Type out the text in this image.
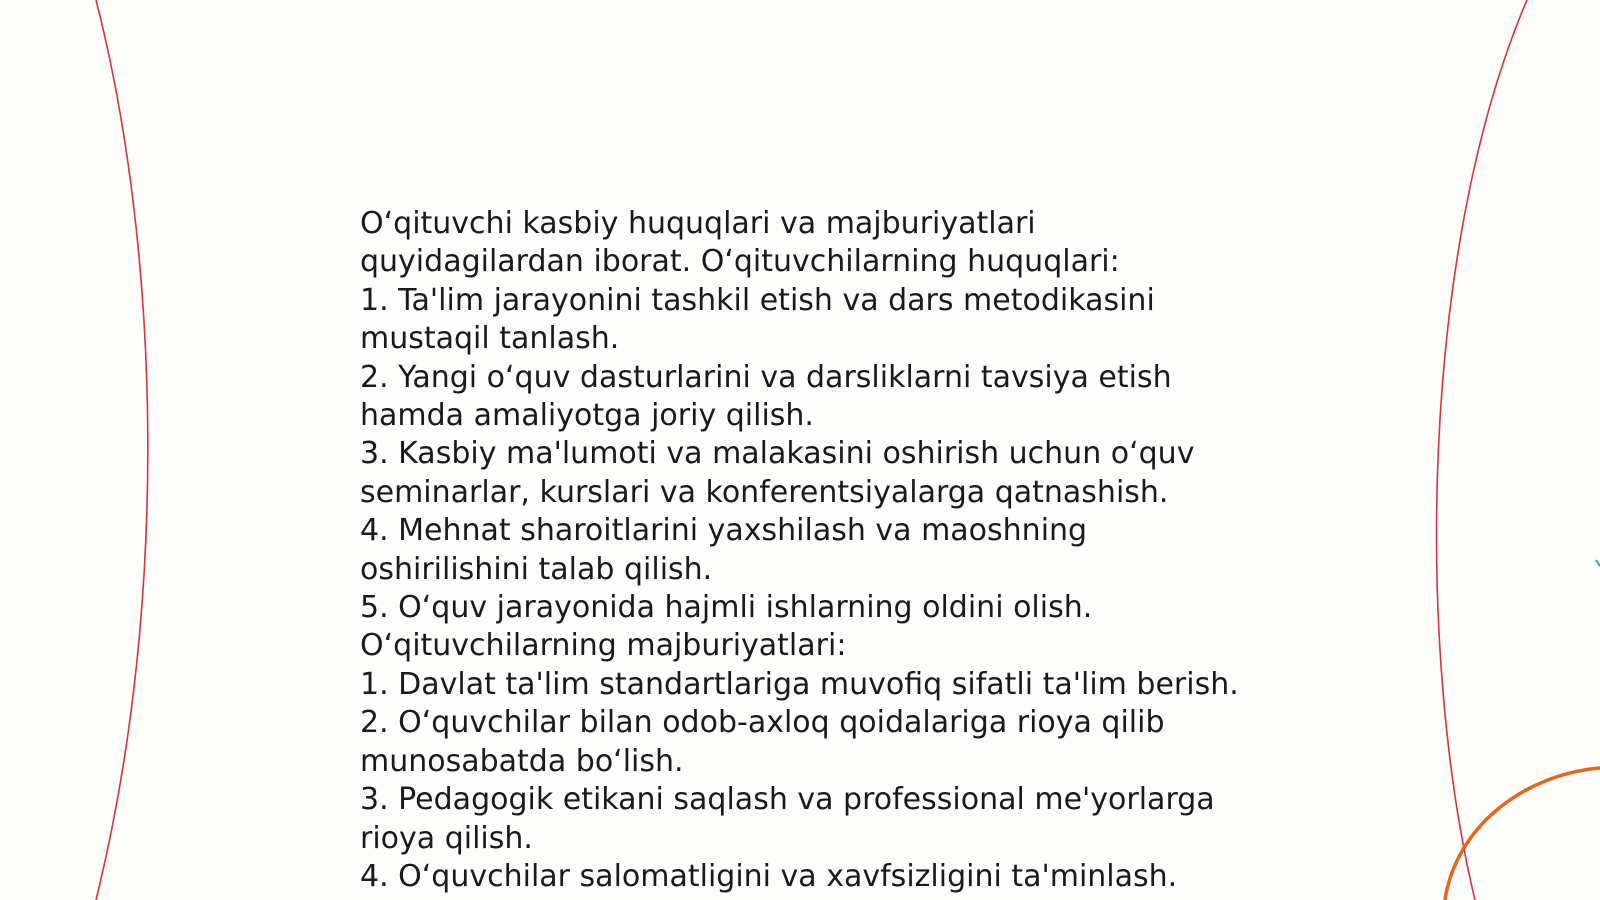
Oʻqituvchi kasbiy huquqlari va majburiyatlari
quyidagilardan iborat. Oʻqituvchilarning huquqlari:
1. Ta'lim jarayonini tashkil etish va dars metodikasini
mustaqil tanlash.
2. Yangi oʻquv dasturlarini va darsliklarni tavsiya etish
hamda amaliyotga joriy qilish.
3. Kasbiy ma'lumoti va malakasini oshirish uchun oʻquv
seminarlar, kurslari va konferentsiyalarga qatnashish.
4. Mehnat sharoitlarini yaxshilash va maoshning
oshirilishini talab qilish.
5. Oʻquv jarayonida hajmli ishlarning oldini olish.
Oʻqituvchilarning majburiyatlari:
1. Davlat ta'lim standartlariga muvofiq sifatli ta'lim berish.
2. Oʻquvchilar bilan odob-axloq qoidalariga rioya qilib
munosabatda boʻlish.
3. Pedagogik etikani saqlash va professional me'yorlarga
rioya qilish.
4. Oʻquvchilar salomatligini va xavfsizligini ta'minlash.
